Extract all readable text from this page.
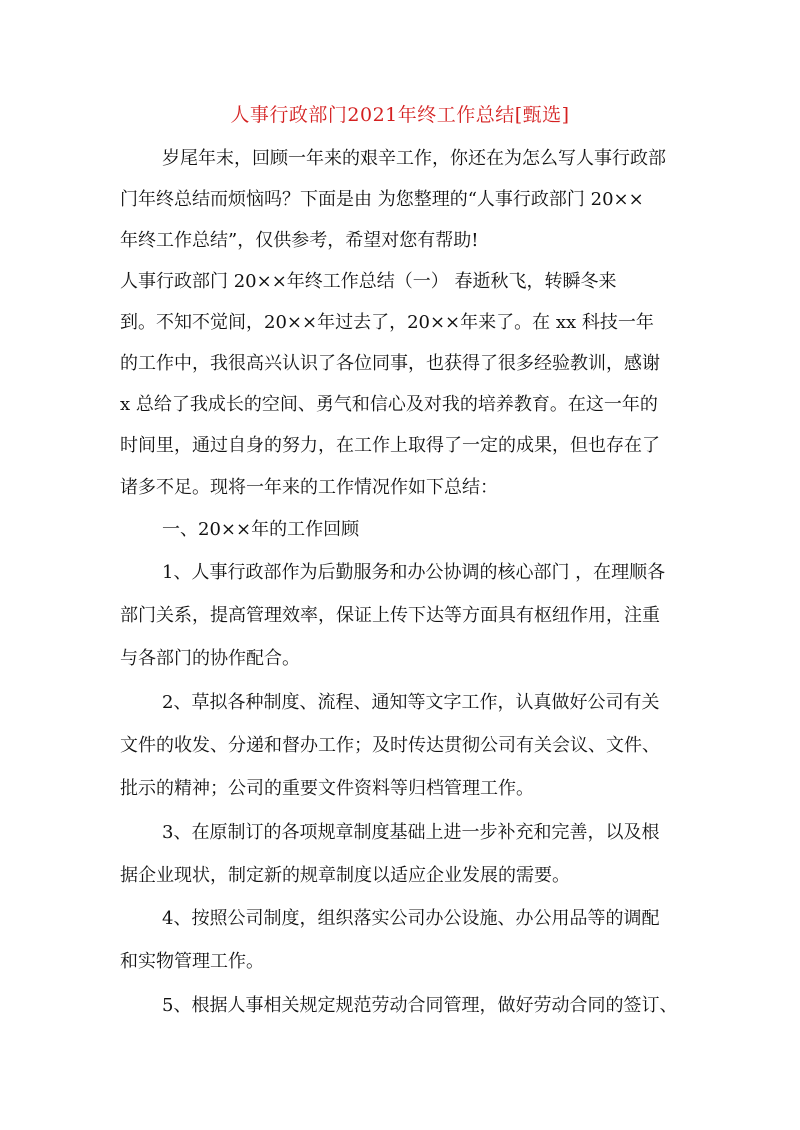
人事行政部门2021年终工作总结[甄选]
岁尾年末，回顾一年来的艰辛工作，你还在为怎么写人事行政部
门年终总结而烦恼吗？下面是由 为您整理的“人事行政部门 20××
年终工作总结”，仅供参考，希望对您有帮助!
人事行政部门 20××年终工作总结（一） 春逝秋飞，转瞬冬来
到。不知不觉间，20××年过去了，20××年来了。在 xx 科技一年
的工作中，我很高兴认识了各位同事，也获得了很多经验教训，感谢
x 总给了我成长的空间、勇气和信心及对我的培养教育。在这一年的
时间里，通过自身的努力，在工作上取得了一定的成果，但也存在了
诸多不足。现将一年来的工作情况作如下总结：
一、20××年的工作回顾
1、人事行政部作为后勤服务和办公协调的核心部门 ，在理顺各
部门关系，提高管理效率，保证上传下达等方面具有枢纽作用，注重
与各部门的协作配合。
2、草拟各种制度、流程、通知等文字工作，认真做好公司有关
文件的收发、分递和督办工作；及时传达贯彻公司有关会议、文件、
批示的精神；公司的重要文件资料等归档管理工作。
3、在原制订的各项规章制度基础上进一步补充和完善，以及根
据企业现状，制定新的规章制度以适应企业发展的需要。
4、按照公司制度，组织落实公司办公设施、办公用品等的调配
和实物管理工作。
5、根据人事相关规定规范劳动合同管理，做好劳动合同的签订、
